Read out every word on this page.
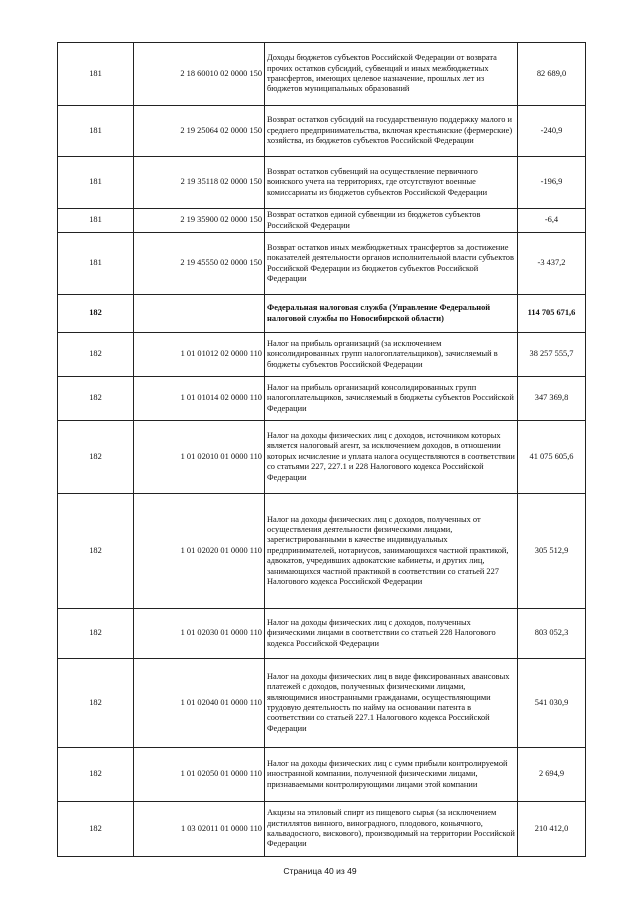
181	2 18 60010 02 0000 150	Доходы бюджетов субъектов Российской Федерации от возврата прочих остатков субсидий, субвенций и иных межбюджетных трансфертов, имеющих целевое назначение, прошлых лет из бюджетов муниципальных образований	82 689,0
181	2 19 25064 02 0000 150	Возврат остатков субсидий на государственную поддержку малого и среднего предпринимательства, включая крестьянские (фермерские) хозяйства, из бюджетов субъектов Российской Федерации	-240,9
181	2 19 35118 02 0000 150	Возврат остатков субвенций на осуществление первичного воинского учета на территориях, где отсутствуют военные комиссариаты из бюджетов субъектов Российской Федерации	-196,9
181	2 19 35900 02 0000 150	Возврат остатков единой субвенции из бюджетов субъектов Российской Федерации	-6,4
181	2 19 45550 02 0000 150	Возврат остатков иных межбюджетных трансфертов за достижение показателей деятельности органов исполнительной власти субъектов Российской Федерации из бюджетов субъектов Российской Федерации	-3 437,2
182		Федеральная налоговая служба (Управление Федеральной налоговой службы по Новосибирской области)	114 705 671,6
182	1 01 01012 02 0000 110	Налог на прибыль организаций (за исключением консолидированных групп налогоплательщиков), зачисляемый в бюджеты субъектов Российской Федерации	38 257 555,7
182	1 01 01014 02 0000 110	Налог на прибыль организаций консолидированных групп налогоплательщиков, зачисляемый в бюджеты субъектов Российской Федерации	347 369,8
182	1 01 02010 01 0000 110	Налог на доходы физических лиц с доходов, источником которых является налоговый агент, за исключением доходов, в отношении которых исчисление и уплата налога осуществляются в соответствии со статьями 227, 227.1 и 228 Налогового кодекса Российской Федерации	41 075 605,6
182	1 01 02020 01 0000 110	Налог на доходы физических лиц с доходов, полученных от осуществления деятельности физическими лицами, зарегистрированными в качестве индивидуальных предпринимателей, нотариусов, занимающихся частной практикой, адвокатов, учредивших адвокатские кабинеты, и других лиц, занимающихся частной практикой в соответствии со статьей 227 Налогового кодекса Российской Федерации	305 512,9
182	1 01 02030 01 0000 110	Налог на доходы физических лиц с доходов, полученных физическими лицами в соответствии со статьей 228 Налогового кодекса Российской Федерации	803 052,3
182	1 01 02040 01 0000 110	Налог на доходы физических лиц в виде фиксированных авансовых платежей с доходов, полученных физическими лицами, являющимися иностранными гражданами, осуществляющими трудовую деятельность по найму на основании патента в соответствии со статьей 227.1 Налогового кодекса Российской Федерации	541 030,9
182	1 01 02050 01 0000 110	Налог на доходы физических лиц с сумм прибыли контролируемой иностранной компании, полученной физическими лицами, признаваемыми контролирующими лицами этой компании	2 694,9
182	1 03 02011 01 0000 110	Акцизы на этиловый спирт из пищевого сырья (за исключением дистиллятов винного, виноградного, плодового, коньячного, кальвадосного, вискового), производимый на территории Российской Федерации	210 412,0
Страница 40 из 49
